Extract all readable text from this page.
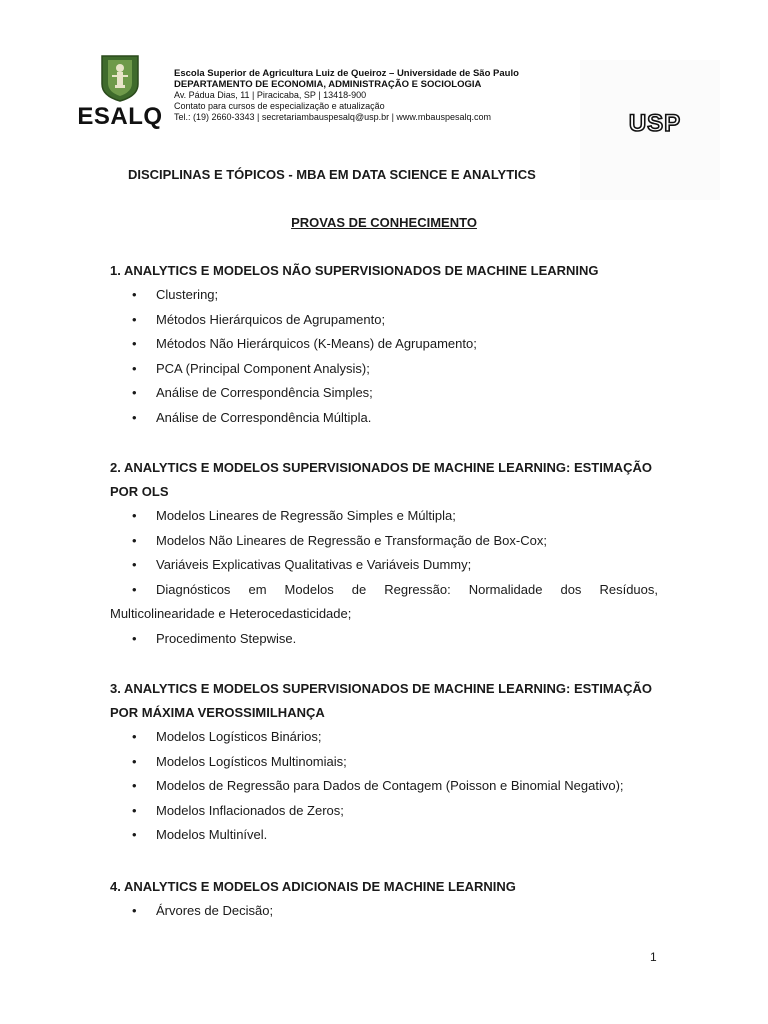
ESALQ
Escola Superior de Agricultura Luiz de Queiroz – Universidade de São Paulo
DEPARTAMENTO DE ECONOMIA, ADMINISTRAÇÃO E SOCIOLOGIA
Av. Pádua Dias, 11 | Piracicaba, SP | 13418-900
Contato para cursos de especialização e atualização
Tel.: (19) 2660-3343 | secretariambauspesalq@usp.br | www.mbauspesalq.com	USP
DISCIPLINAS E TÓPICOS - MBA EM DATA SCIENCE E ANALYTICS
PROVAS DE CONHECIMENTO
1. ANALYTICS E MODELOS NÃO SUPERVISIONADOS DE MACHINE LEARNING
• Clustering;
• Métodos Hierárquicos de Agrupamento;
• Métodos Não Hierárquicos (K-Means) de Agrupamento;
• PCA (Principal Component Analysis);
• Análise de Correspondência Simples;
• Análise de Correspondência Múltipla.
2. ANALYTICS E MODELOS SUPERVISIONADOS DE MACHINE LEARNING: ESTIMAÇÃO POR OLS
• Modelos Lineares de Regressão Simples e Múltipla;
• Modelos Não Lineares de Regressão e Transformação de Box-Cox;
• Variáveis Explicativas Qualitativas e Variáveis Dummy;
• Diagnósticos em Modelos de Regressão: Normalidade dos Resíduos, Multicolinearidade e Heterocedasticidade;
• Procedimento Stepwise.
3. ANALYTICS E MODELOS SUPERVISIONADOS DE MACHINE LEARNING: ESTIMAÇÃO POR MÁXIMA VEROSSIMILHANÇA
• Modelos Logísticos Binários;
• Modelos Logísticos Multinomiais;
• Modelos de Regressão para Dados de Contagem (Poisson e Binomial Negativo);
• Modelos Inflacionados de Zeros;
• Modelos Multinível.
4. ANALYTICS E MODELOS ADICIONAIS DE MACHINE LEARNING
• Árvores de Decisão;
1
